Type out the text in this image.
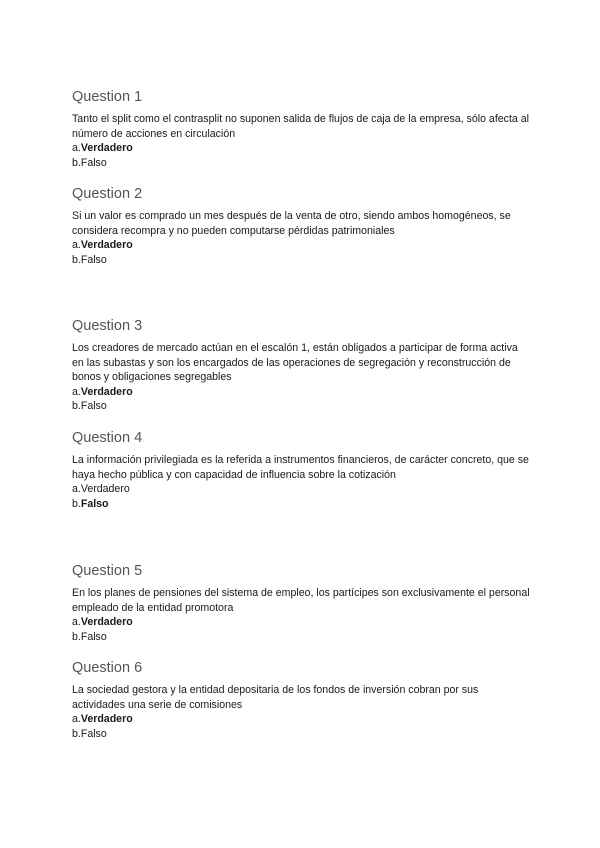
Question 1

Tanto el split como el contrasplit no suponen salida de flujos de caja de la empresa, sólo afecta al número de acciones en circulación

a.Verdadero

b.Falso

Question 2

Si un valor es comprado un mes después de la venta de otro, siendo ambos homogéneos, se considera recompra y no pueden computarse pérdidas patrimoniales

a.Verdadero

b.Falso

Question 3

Los creadores de mercado actúan en el escalón 1, están obligados a participar de forma activa en las subastas y son los encargados de las operaciones de segregación y reconstrucción de bonos y obligaciones segregables

a.Verdadero

b.Falso

Question 4

La información privilegiada es la referida a instrumentos financieros, de carácter concreto, que se haya hecho pública y con capacidad de influencia sobre la cotización

a.Verdadero

b.Falso

Question 5

En los planes de pensiones del sistema de empleo, los partícipes son exclusivamente el personal empleado de la entidad promotora

a.Verdadero

b.Falso

Question 6

La sociedad gestora y la entidad depositaria de los fondos de inversión cobran por sus actividades una serie de comisiones

a.Verdadero

b.Falso
